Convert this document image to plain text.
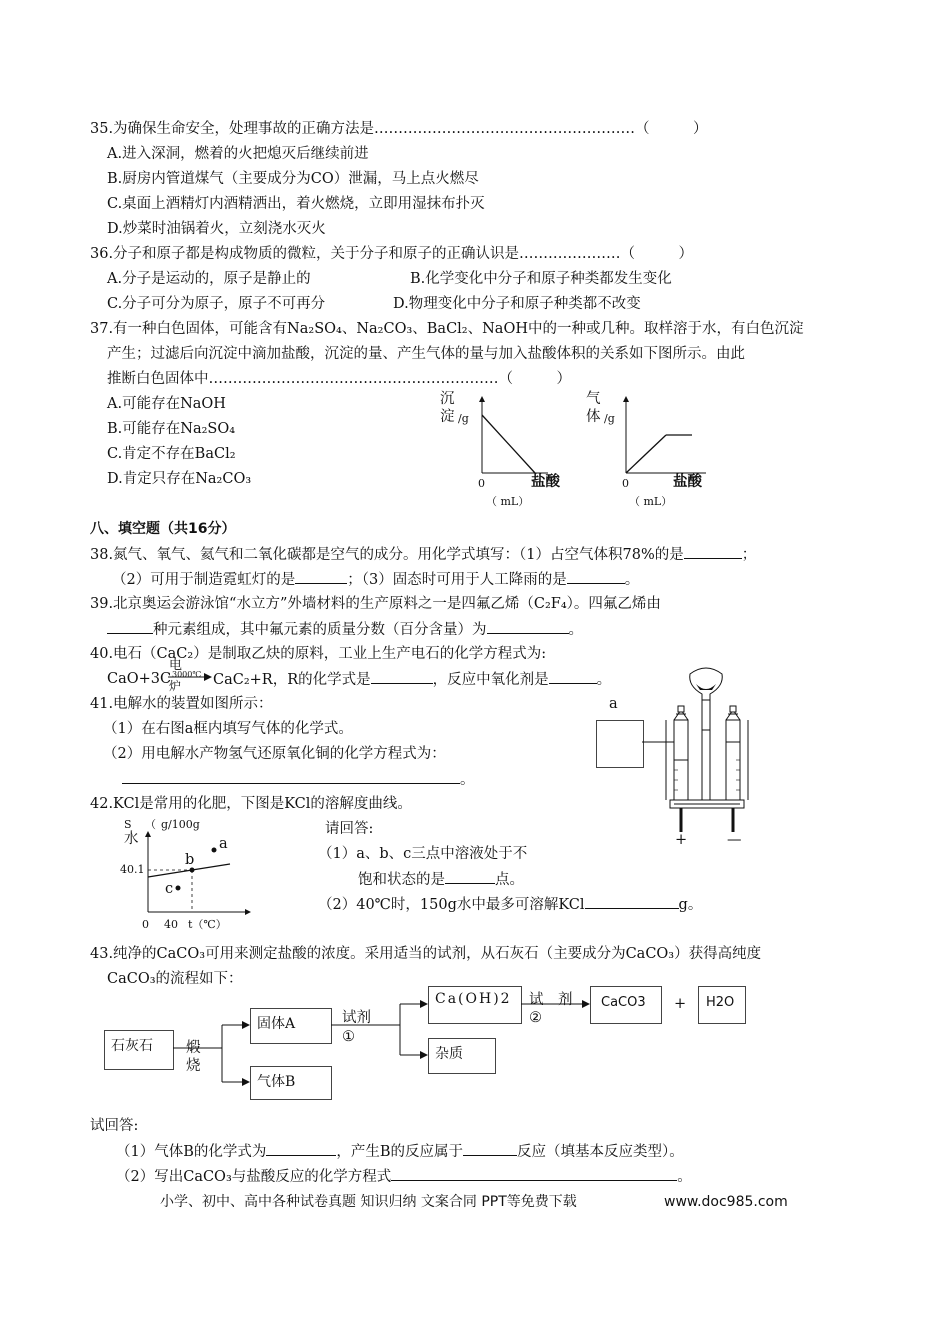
35.为确保生命安全，处理事故的正确方法是………………………………………………（　　　）
A.进入深洞，燃着的火把熄灭后继续前进
B.厨房内管道煤气（主要成分为CO）泄漏，马上点火燃尽
C.桌面上酒精灯内酒精洒出，着火燃烧，立即用湿抹布扑灭
D.炒菜时油锅着火，立刻浇水灭火
36.分子和原子都是构成物质的微粒，关于分子和原子的正确认识是…………………（　　　）
A.分子是运动的，原子是静止的	B.化学变化中分子和原子种类都发生变化
C.分子可分为原子，原子不可再分	D.物理变化中分子和原子种类都不改变
37.有一种白色固体，可能含有Na₂SO₄、Na₂CO₃、BaCl₂、NaOH中的一种或几种。取样溶于水，有白色沉淀
产生；过滤后向沉淀中滴加盐酸，沉淀的量、产生气体的量与加入盐酸体积的关系如下图所示。由此
推断白色固体中……………………………………………………（　　　）
A.可能存在NaOH
B.可能存在Na₂SO₄
C.肯定不存在BaCl₂
D.肯定只存在Na₂CO₃
沉
淀 /g
0	盐酸
（ mL）
气
体 /g
0	盐酸
（ mL）
八、填空题（共16分）
38.氮气、氧气、氦气和二氧化碳都是空气的成分。用化学式填写：（1）占空气体积78%的是	；
（2）可用于制造霓虹灯的是	；（3）固态时可用于人工降雨的是	。
39.北京奥运会游泳馆“水立方”外墙材料的生产原料之一是四氟乙烯（C₂F₄）。四氟乙烯由
种元素组成，其中氟元素的质量分数（百分含量）为	。
40.电石（CaC₂）是制取乙炔的原料，工业上生产电石的化学方程式为:
CaO+3C
电
炉
3000℃ CaC₂+R，R的化学式是	，反应中氧化剂是	。
41.电解水的装置如图所示：
（1）在右图a框内填写气体的化学式。
（2）用电解水产物氢气还原氧化铜的化学方程式为：
。
a
+	—
42.KCl是常用的化肥，下图是KCl的溶解度曲线。
S （ g/100g
水
40.1
a
b
c
0 40 t（℃）
请回答:
（1）a、b、c三点中溶液处于不
饱和状态的是	点。
（2）40℃时，150g水中最多可溶解KCl	g。
43.纯净的CaCO₃可用来测定盐酸的浓度。采用适当的试剂，从石灰石（主要成分为CaCO₃）获得高纯度
CaCO₃的流程如下：
石灰石 煅
烧
固体A
气体B
试剂
①
Ca(OH)2
杂质
试　剂
②
CaCO3 + H2O
试回答:
（1）气体B的化学式为	，产生B的反应属于	反应（填基本反应类型）。
（2）写出CaCO₃与盐酸反应的化学方程式	。
小学、初中、高中各种试卷真题 知识归纳 文案合同 PPT等免费下载	www.doc985.com
